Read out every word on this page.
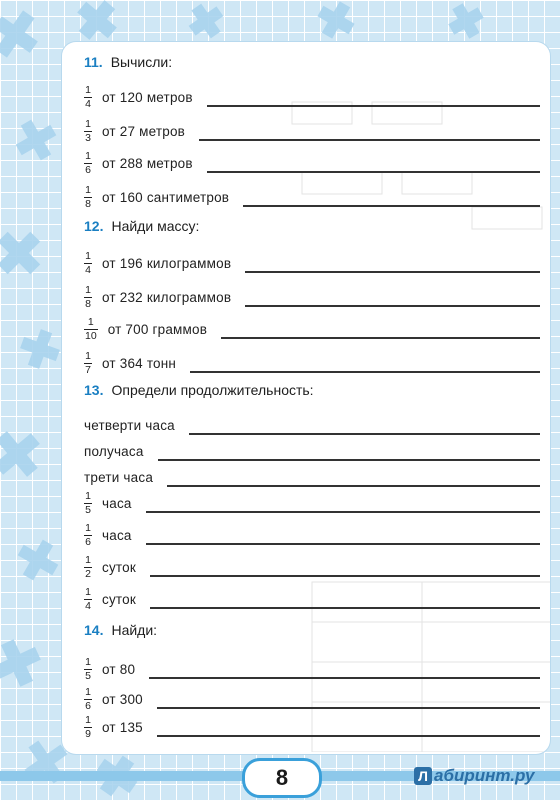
11. Вычисли:
$\frac{1}{4}$ от 120 метров
$\frac{1}{3}$ от 27 метров
$\frac{1}{6}$ от 288 метров
$\frac{1}{8}$ от 160 сантиметров
12. Найди массу:
$\frac{1}{4}$ от 196 килограммов
$\frac{1}{8}$ от 232 килограммов
$\frac{1}{10}$ от 700 граммов
$\frac{1}{7}$ от 364 тонн
13. Определи продолжительность:
четверти часа
получаса
трети часа
$\frac{1}{5}$ часа
$\frac{1}{6}$ часа
$\frac{1}{2}$ суток
$\frac{1}{4}$ суток
14. Найди:
$\frac{1}{5}$ от 80
$\frac{1}{6}$ от 300
$\frac{1}{9}$ от 135
8	Л абиринт.ру
